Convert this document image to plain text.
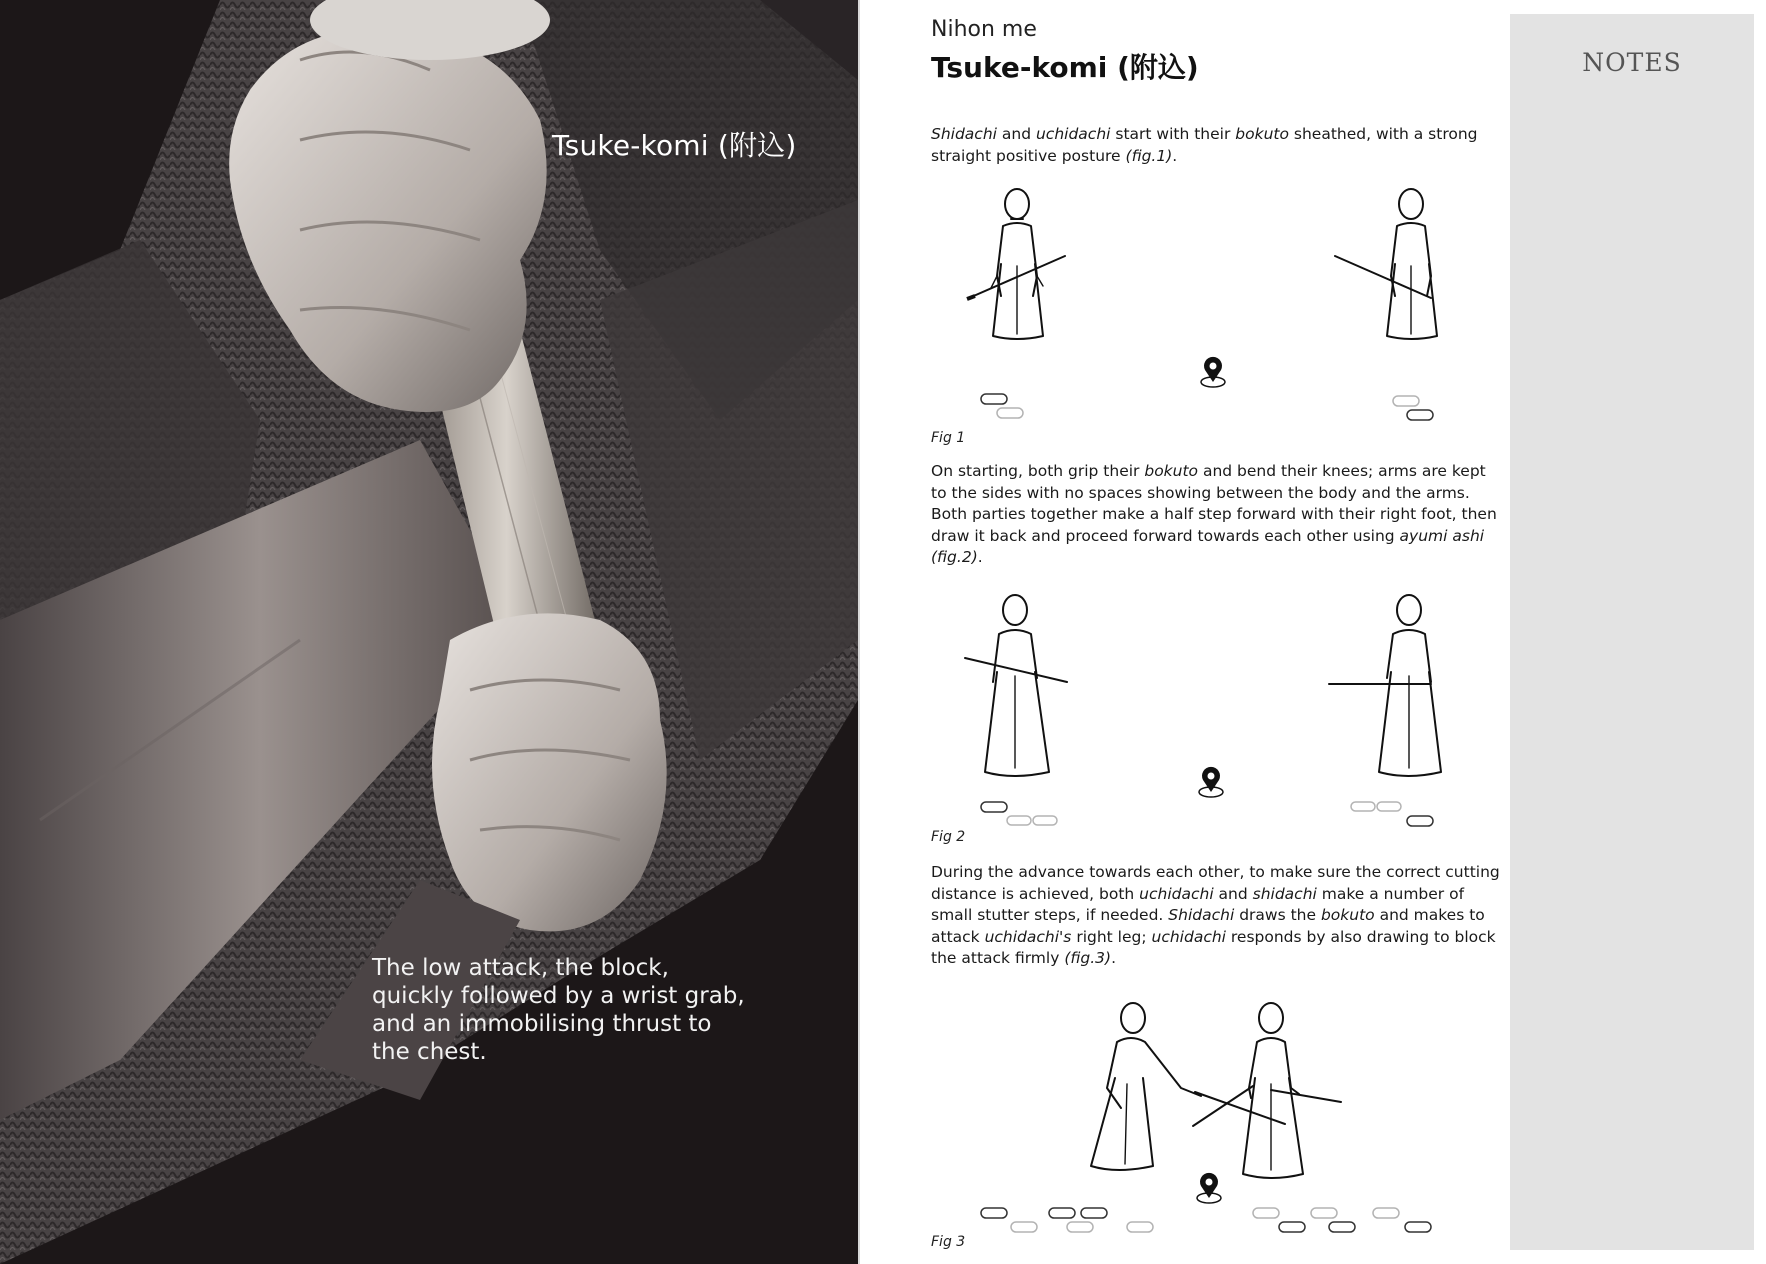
Tsuke-komi (附込)
The low attack, the block, quickly followed by a wrist grab, and an immobilising thrust to the chest.
Nihon me
Tsuke-komi (附込)
Shidachi and uchidachi start with their bokuto sheathed, with a strong straight positive posture (fig.1).
Fig 1
On starting, both grip their bokuto and bend their knees; arms are kept to the sides with no spaces showing between the body and the arms. Both parties together make a half step forward with their right foot, then draw it back and proceed forward towards each other using ayumi ashi (fig.2).
Fig 2
During the advance towards each other, to make sure the correct cutting distance is achieved, both uchidachi and shidachi make a number of small stutter steps, if needed. Shidachi draws the bokuto and makes to attack uchidachi's right leg; uchidachi responds by also drawing to block the attack firmly (fig.3).
Fig 3
NOTES
